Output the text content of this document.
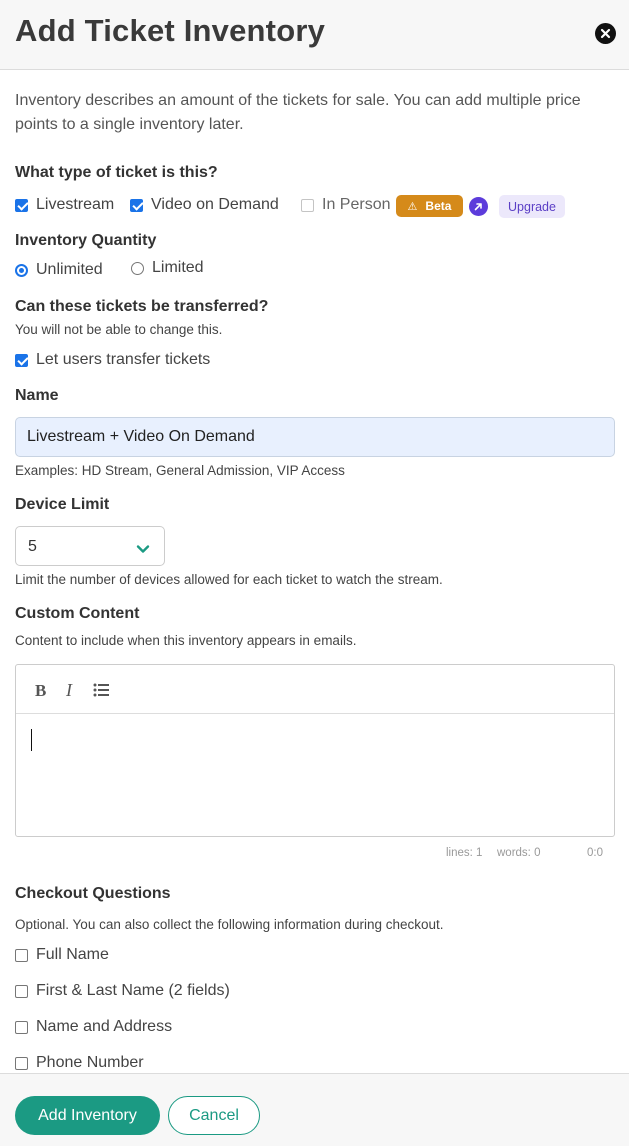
Add Ticket Inventory
Inventory describes an amount of the tickets for sale. You can add multiple price points to a single inventory later.
What type of ticket is this?
Livestream Video on Demand	In Person ⚠ Beta	Upgrade
Inventory Quantity
Unlimited	Limited
Can these tickets be transferred?
You will not be able to change this.
Let users transfer tickets
Name
Livestream + Video On Demand
Examples: HD Stream, General Admission, VIP Access
Device Limit
5
Limit the number of devices allowed for each ticket to watch the stream.
Custom Content
Content to include when this inventory appears in emails.
B I
lines: 1 words: 0	0:0
Checkout Questions
Optional. You can also collect the following information during checkout.
Full Name
First & Last Name (2 fields)
Name and Address
Phone Number
Add Inventory	Cancel
